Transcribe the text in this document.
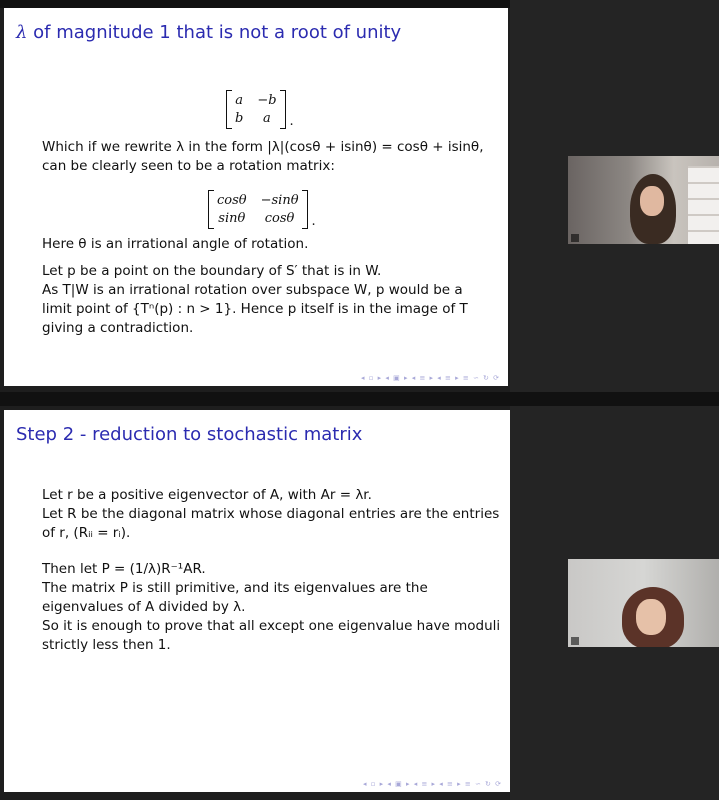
λ of magnitude 1 that is not a root of unity
a −b
b	a	.
Which if we rewrite λ in the form |λ|(cosθ + isinθ) = cosθ + isinθ,
can be clearly seen to be a rotation matrix:
cosθ −sinθ
sinθ	cosθ	.
Here θ is an irrational angle of rotation.
Let p be a point on the boundary of S′ that is in W.
As T|W is an irrational rotation over subspace W, p would be a
limit point of {Tⁿ(p) : n > 1}. Hence p itself is in the image of T
giving a contradiction.
◂ ▫ ▸ ◂ ▣ ▸ ◂ ≡ ▸ ◂ ≡ ▸ ≡ ∽ ↻ ⟳
Step 2 - reduction to stochastic matrix
Let r be a positive eigenvector of A, with Ar = λr.
Let R be the diagonal matrix whose diagonal entries are the entries
of r, (Rᵢᵢ = rᵢ).
Then let P = (1/λ)R⁻¹AR.
The matrix P is still primitive, and its eigenvalues are the
eigenvalues of A divided by λ.
So it is enough to prove that all except one eigenvalue have moduli
strictly less then 1.
◂ ▫ ▸ ◂ ▣ ▸ ◂ ≡ ▸ ◂ ≡ ▸ ≡ ∽ ↻ ⟳
